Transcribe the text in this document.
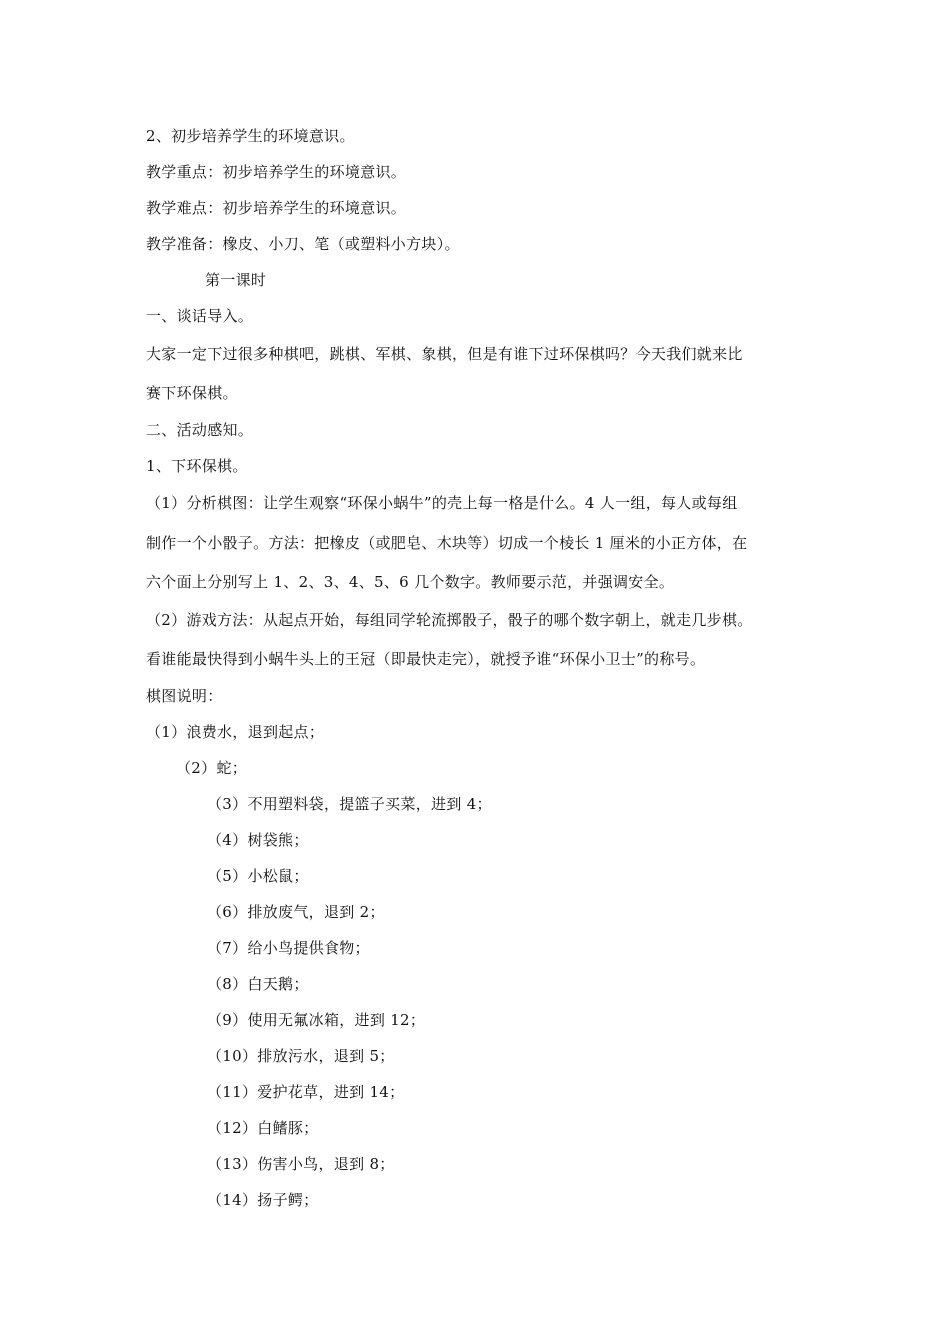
2、初步培养学生的环境意识。
教学重点：初步培养学生的环境意识。
教学难点：初步培养学生的环境意识。
教学准备：橡皮、小刀、笔（或塑料小方块）。
第一课时
一、谈话导入。
大家一定下过很多种棋吧，跳棋、军棋、象棋，但是有谁下过环保棋吗？今天我们就来比
赛下环保棋。
二、活动感知。
1、下环保棋。
（1）分析棋图：让学生观察“环保小蜗牛”的壳上每一格是什么。4 人一组，每人或每组
制作一个小骰子。方法：把橡皮（或肥皂、木块等）切成一个棱长 1 厘米的小正方体，在
六个面上分别写上 1、2、3、4、5、6 几个数字。教师要示范，并强调安全。
（2）游戏方法：从起点开始，每组同学轮流掷骰子，骰子的哪个数字朝上，就走几步棋。
看谁能最快得到小蜗牛头上的王冠（即最快走完），就授予谁“环保小卫士”的称号。
棋图说明：
（1）浪费水，退到起点；
（2）蛇；
（3）不用塑料袋，提篮子买菜，进到 4；
（4）树袋熊；
（5）小松鼠；
（6）排放废气，退到 2；
（7）给小鸟提供食物；
（8）白天鹅；
（9）使用无氟冰箱，进到 12；
（10）排放污水，退到 5；
（11）爱护花草，进到 14；
（12）白鳍豚；
（13）伤害小鸟，退到 8；
（14）扬子鳄；
